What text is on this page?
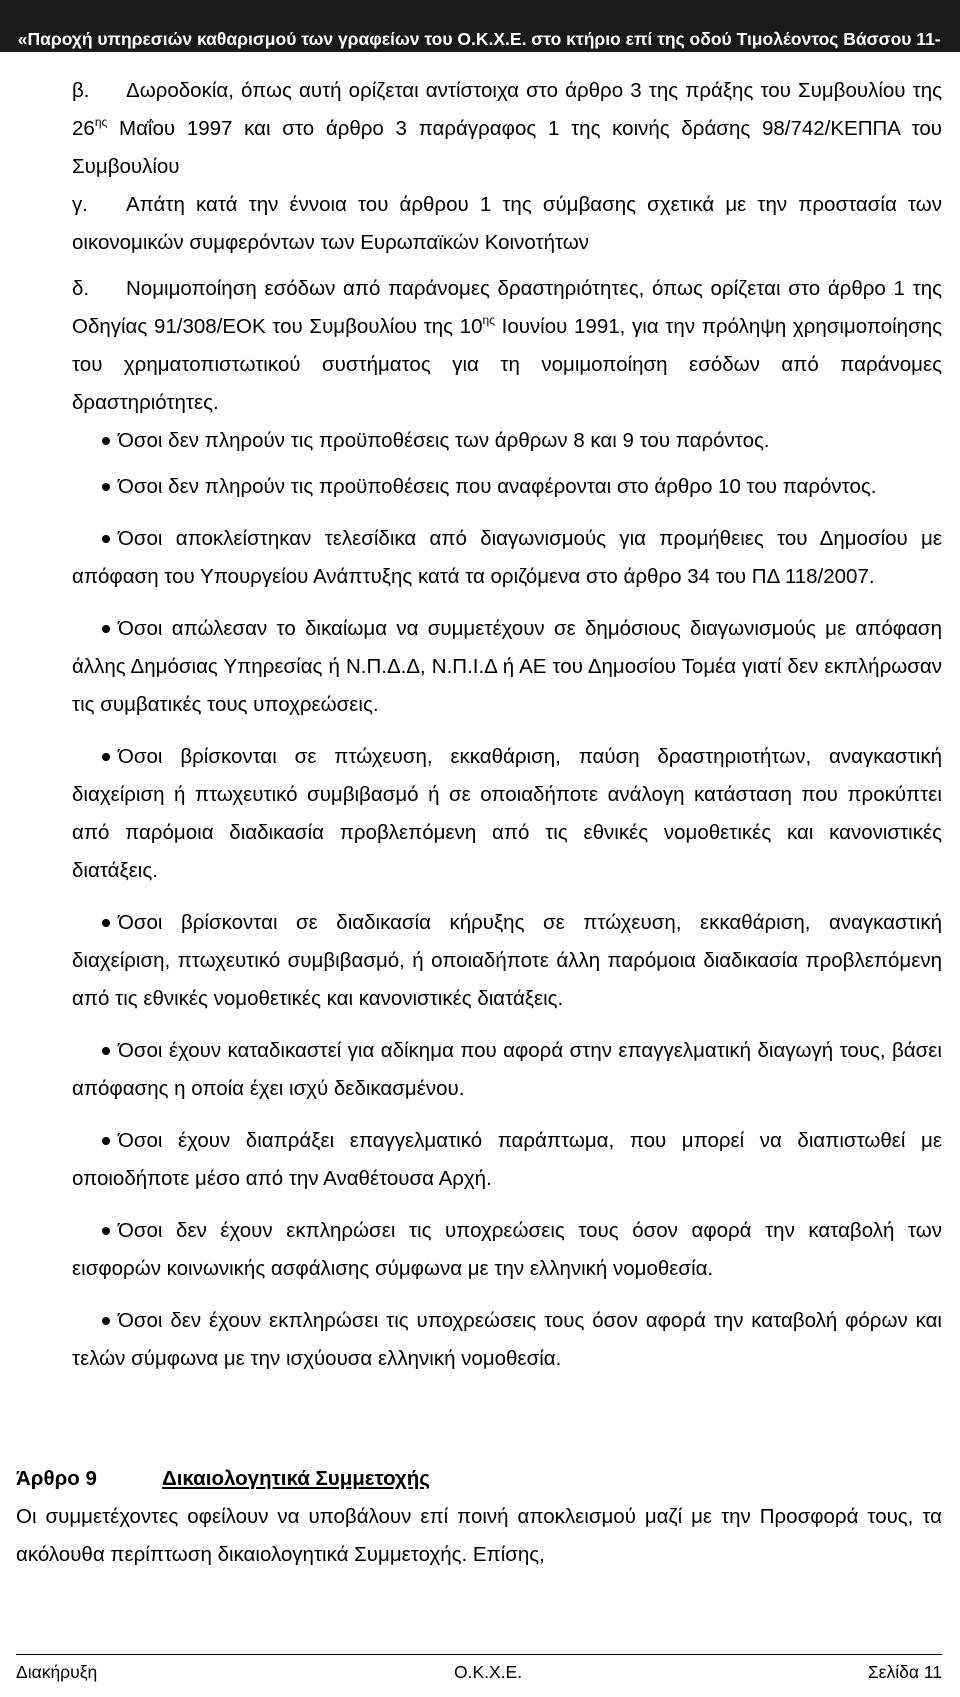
«Παροχή υπηρεσιών καθαρισμού των γραφείων του Ο.Κ.Χ.Ε. στο κτήριο επί της οδού Τιμολέοντος Βάσσου 11-13»

β. Δωροδοκία, όπως αυτή ορίζεται αντίστοιχα στο άρθρο 3 της πράξης του Συμβουλίου της $26^{\eta\varsigma}$ Μαΐου 1997 και στο άρθρο 3 παράγραφος 1 της κοινής δράσης 98/742/ΚΕΠΠΑ του Συμβουλίου

γ. Απάτη κατά την έννοια του άρθρου 1 της σύμβασης σχετικά με την προστασία των οικονομικών συμφερόντων των Ευρωπαϊκών Κοινοτήτων

δ. Νομιμοποίηση εσόδων από παράνομες δραστηριότητες, όπως ορίζεται στο άρθρο 1 της Οδηγίας 91/308/ΕΟΚ του Συμβουλίου της $10^{\eta\varsigma}$ Ιουνίου 1991, για την πρόληψη χρησιμοποίησης του χρηματοπιστωτικού συστήματος για τη νομιμοποίηση εσόδων από παράνομες δραστηριότητες.

Όσοι δεν πληρούν τις προϋποθέσεις των άρθρων 8 και 9 του παρόντος.

Όσοι δεν πληρούν τις προϋποθέσεις που αναφέρονται στο άρθρο 10 του παρόντος.

Όσοι αποκλείστηκαν τελεσίδικα από διαγωνισμούς για προμήθειες του Δημοσίου με απόφαση του Υπουργείου Ανάπτυξης κατά τα οριζόμενα στο άρθρο 34 του ΠΔ 118/2007.

Όσοι απώλεσαν το δικαίωμα να συμμετέχουν σε δημόσιους διαγωνισμούς με απόφαση άλλης Δημόσιας Υπηρεσίας ή Ν.Π.Δ.Δ, Ν.Π.Ι.Δ ή ΑΕ του Δημοσίου Τομέα γιατί δεν εκπλήρωσαν τις συμβατικές τους υποχρεώσεις.

Όσοι βρίσκονται σε πτώχευση, εκκαθάριση, παύση δραστηριοτήτων, αναγκαστική διαχείριση ή πτωχευτικό συμβιβασμό ή σε οποιαδήποτε ανάλογη κατάσταση που προκύπτει από παρόμοια διαδικασία προβλεπόμενη από τις εθνικές νομοθετικές και κανονιστικές διατάξεις.

Όσοι βρίσκονται σε διαδικασία κήρυξης σε πτώχευση, εκκαθάριση, αναγκαστική διαχείριση, πτωχευτικό συμβιβασμό, ή οποιαδήποτε άλλη παρόμοια διαδικασία προβλεπόμενη από τις εθνικές νομοθετικές και κανονιστικές διατάξεις.

Όσοι έχουν καταδικαστεί για αδίκημα που αφορά στην επαγγελματική διαγωγή τους, βάσει απόφασης η οποία έχει ισχύ δεδικασμένου.

Όσοι έχουν διαπράξει επαγγελματικό παράπτωμα, που μπορεί να διαπιστωθεί με οποιοδήποτε μέσο από την Αναθέτουσα Αρχή.

Όσοι δεν έχουν εκπληρώσει τις υποχρεώσεις τους όσον αφορά την καταβολή των εισφορών κοινωνικής ασφάλισης σύμφωνα με την ελληνική νομοθεσία.

Όσοι δεν έχουν εκπληρώσει τις υποχρεώσεις τους όσον αφορά την καταβολή φόρων και τελών σύμφωνα με την ισχύουσα ελληνική νομοθεσία.

Άρθρο 9	Δικαιολογητικά Συμμετοχής

Οι συμμετέχοντες οφείλουν να υποβάλουν επί ποινή αποκλεισμού μαζί με την Προσφορά τους, τα ακόλουθα περίπτωση δικαιολογητικά Συμμετοχής. Επίσης,

Διακήρυξη	Ο.Κ.Χ.Ε.	Σελίδα 11
